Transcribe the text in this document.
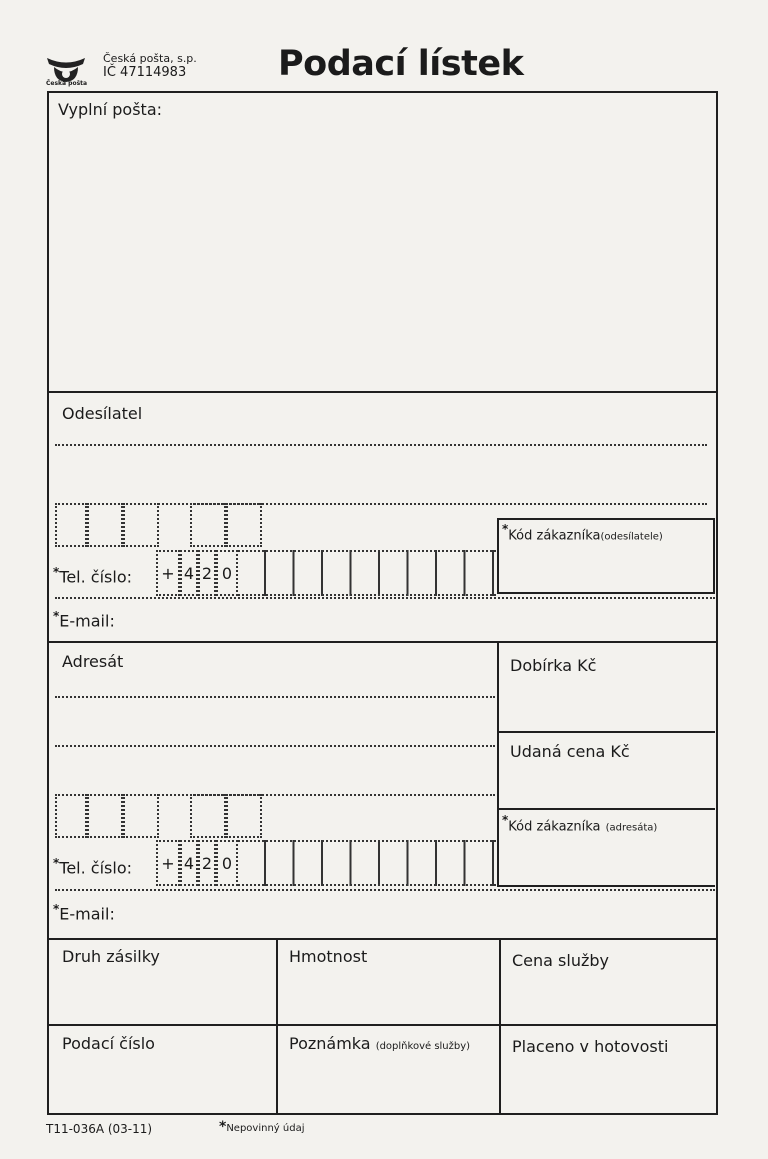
Česká pošta
Česká pošta, s.p.
IČ 47114983	Podací lístek
Vyplní pošta:
Odesílatel
*Kód zákazníka(odesílatele)
*Tel. číslo:	+ 4 2 0
*E-mail:
Adresát	Dobírka Kč
Udaná cena Kč
*Kód zákazníka (adresáta)
*Tel. číslo:	+ 4 2 0
*E-mail:
Druh zásilky	Hmotnost	Cena služby
Podací číslo	Poznámka (doplňkové služby)	Placeno v hotovosti
T11-036A (03-11)	*Nepovinný údaj
